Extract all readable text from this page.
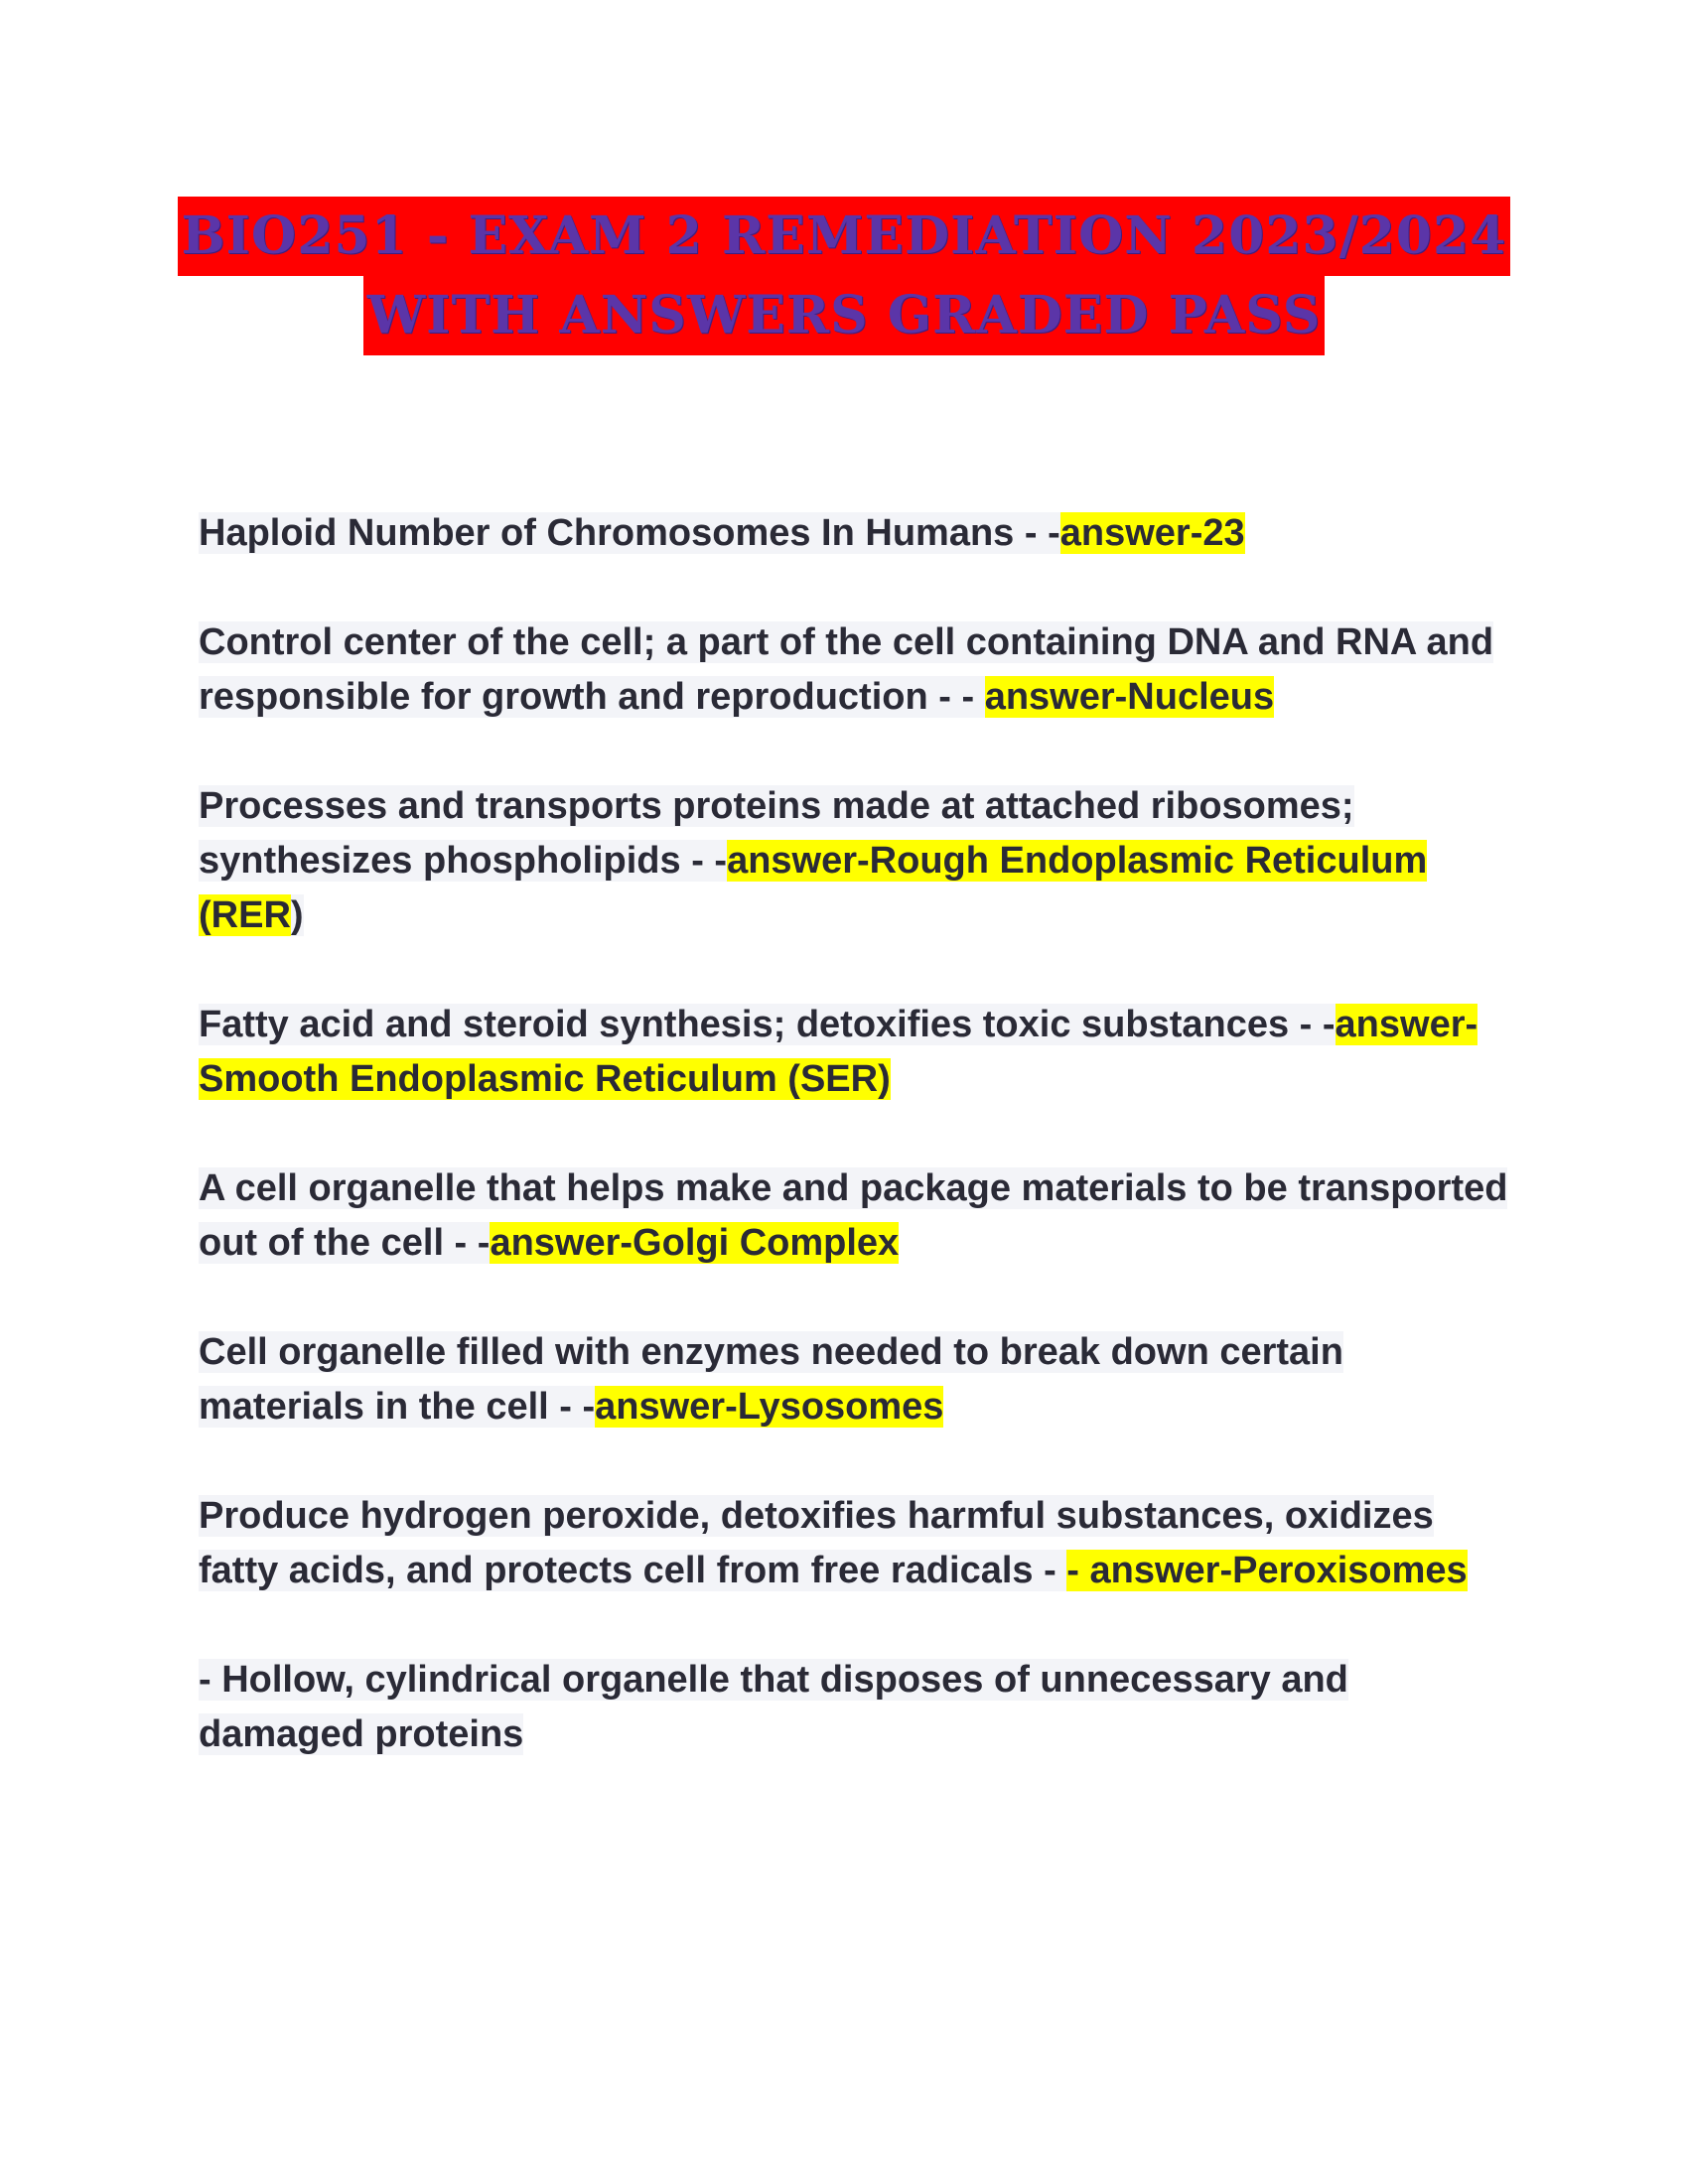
BIO251 - EXAM 2 REMEDIATION 2023/2024
WITH ANSWERS GRADED PASS

Haploid Number of Chromosomes In Humans - -answer-23

Control center of the cell; a part of the cell containing DNA and RNA and responsible for growth and reproduction - - answer-Nucleus

Processes and transports proteins made at attached ribosomes; synthesizes phospholipids - -answer-Rough Endoplasmic Reticulum (RER)

Fatty acid and steroid synthesis; detoxifies toxic substances - -answer-Smooth Endoplasmic Reticulum (SER)

A cell organelle that helps make and package materials to be transported out of the cell - -answer-Golgi Complex

Cell organelle filled with enzymes needed to break down certain materials in the cell - -answer-Lysosomes

Produce hydrogen peroxide, detoxifies harmful substances, oxidizes fatty acids, and protects cell from free radicals - - answer-Peroxisomes

- Hollow, cylindrical organelle that disposes of unnecessary and damaged proteins
